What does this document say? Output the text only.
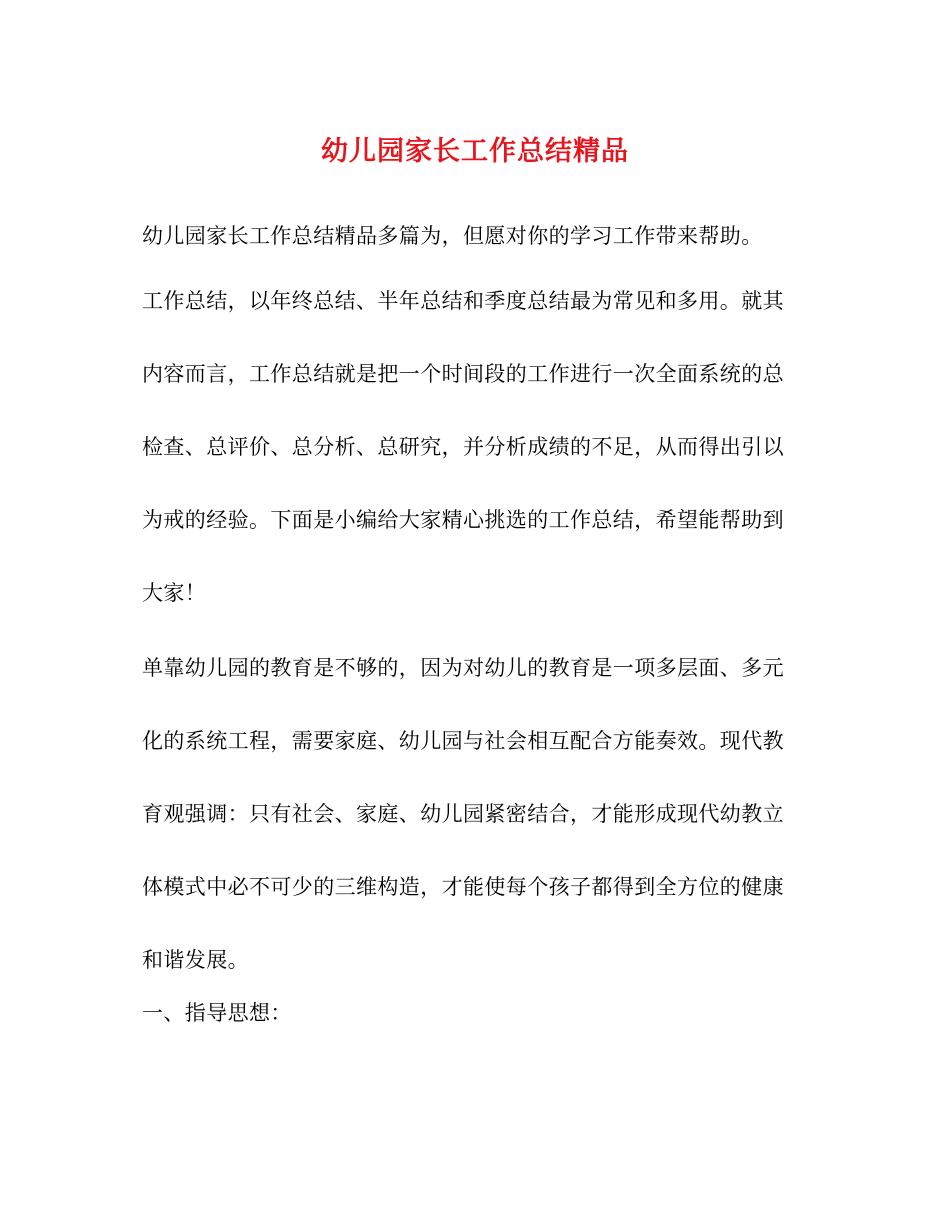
幼儿园家长工作总结精品
幼儿园家长工作总结精品多篇为，但愿对你的学习工作带来帮助。
工作总结，以年终总结、半年总结和季度总结最为常见和多用。就其内容而言，工作总结就是把一个时间段的工作进行一次全面系统的总检查、总评价、总分析、总研究，并分析成绩的不足，从而得出引以为戒的经验。下面是小编给大家精心挑选的工作总结，希望能帮助到大家！
单靠幼儿园的教育是不够的，因为对幼儿的教育是一项多层面、多元化的系统工程，需要家庭、幼儿园与社会相互配合方能奏效。现代教育观强调：只有社会、家庭、幼儿园紧密结合，才能形成现代幼教立体模式中必不可少的三维构造，才能使每个孩子都得到全方位的健康和谐发展。
一、指导思想：
